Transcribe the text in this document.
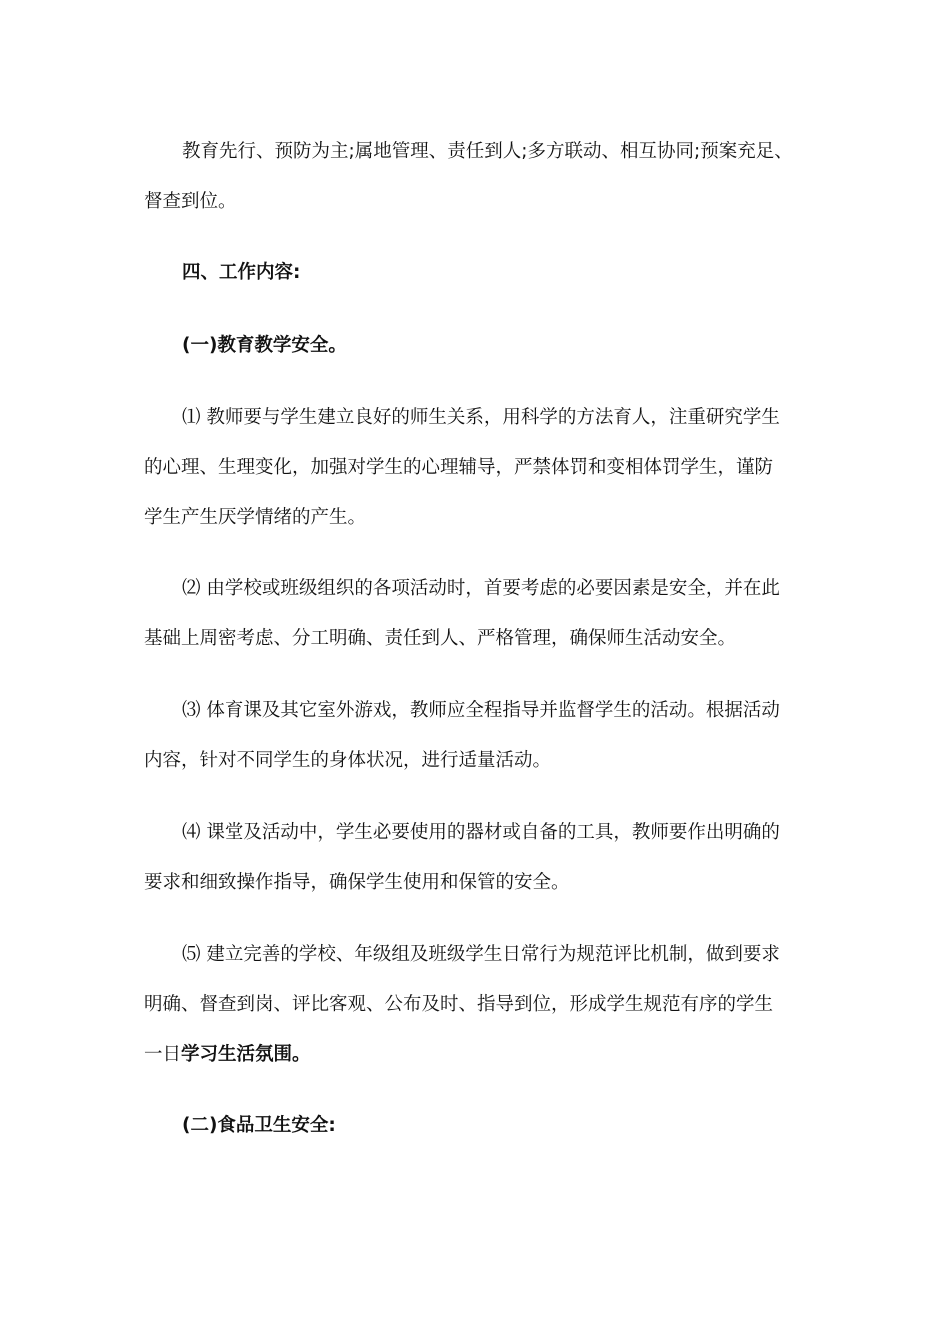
教育先行、预防为主;属地管理、责任到人;多方联动、相互协同;预案充足、
督查到位。
四、工作内容:
(一)教育教学安全。
⑴ 教师要与学生建立良好的师生关系，用科学的方法育人，注重研究学生
的心理、生理变化，加强对学生的心理辅导，严禁体罚和变相体罚学生，谨防
学生产生厌学情绪的产生。
⑵ 由学校或班级组织的各项活动时，首要考虑的必要因素是安全，并在此
基础上周密考虑、分工明确、责任到人、严格管理，确保师生活动安全。
⑶ 体育课及其它室外游戏，教师应全程指导并监督学生的活动。根据活动
内容，针对不同学生的身体状况，进行适量活动。
⑷ 课堂及活动中，学生必要使用的器材或自备的工具，教师要作出明确的
要求和细致操作指导，确保学生使用和保管的安全。
⑸ 建立完善的学校、年级组及班级学生日常行为规范评比机制，做到要求
明确、督查到岗、评比客观、公布及时、指导到位，形成学生规范有序的学生
一日学习生活氛围。
(二)食品卫生安全:
